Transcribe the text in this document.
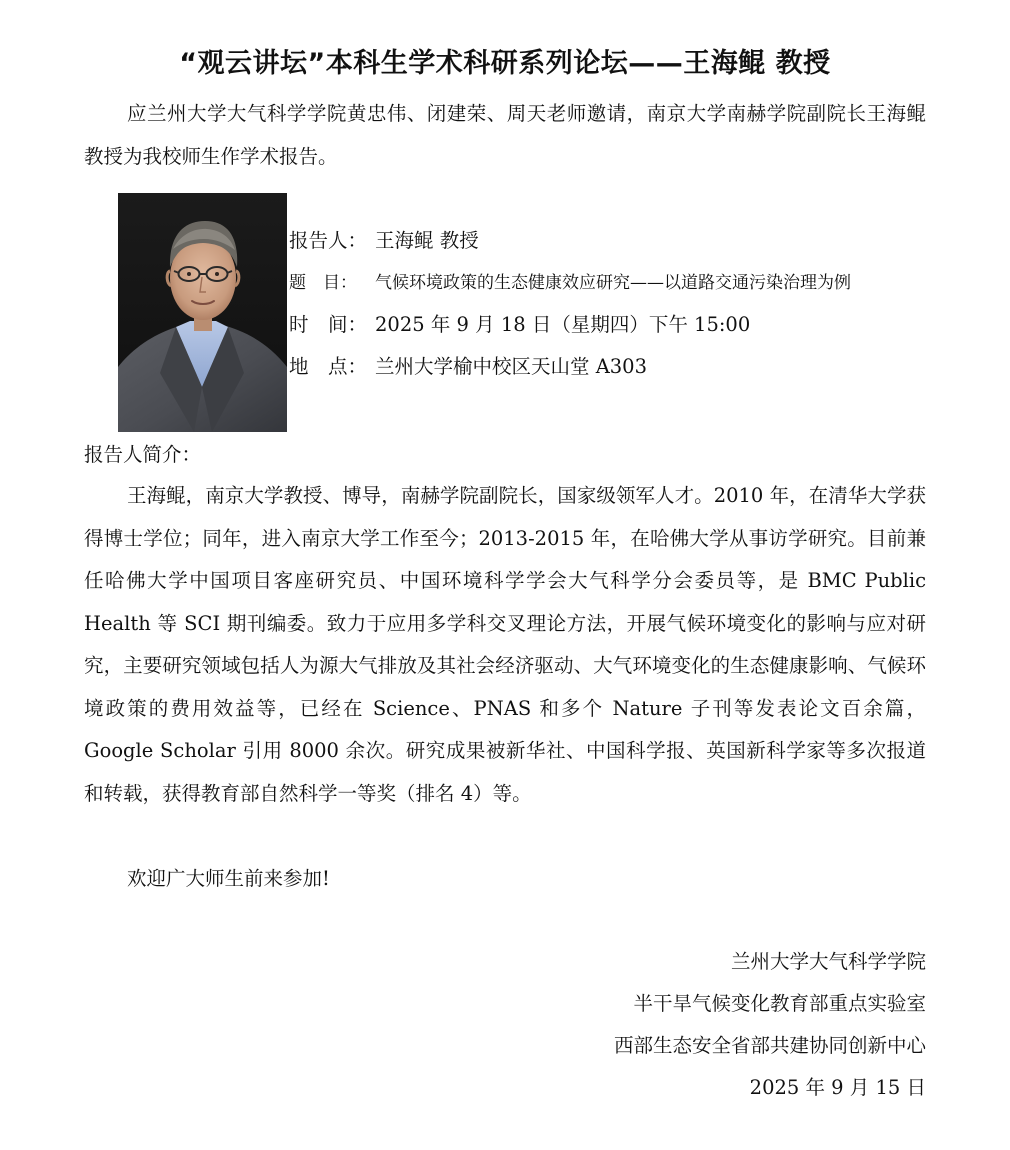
“观云讲坛”本科生学术科研系列论坛——王海鲲 教授

应兰州大学大气科学学院黄忠伟、闭建荣、周天老师邀请，南京大学南赫学院副院长王海鲲教授为我校师生作学术报告。

报告人： 王海鲲 教授
题　目： 气候环境政策的生态健康效应研究——以道路交通污染治理为例
时　间： 2025 年 9 月 18 日（星期四）下午 15:00
地　点： 兰州大学榆中校区天山堂 A303
报告人简介：

王海鲲，南京大学教授、博导，南赫学院副院长，国家级领军人才。2010 年，在清华大学获得博士学位；同年，进入南京大学工作至今；2013-2015 年，在哈佛大学从事访学研究。目前兼任哈佛大学中国项目客座研究员、中国环境科学学会大气科学分会委员等，是 BMC Public Health 等 SCI 期刊编委。致力于应用多学科交叉理论方法，开展气候环境变化的影响与应对研究，主要研究领域包括人为源大气排放及其社会经济驱动、大气环境变化的生态健康影响、气候环境政策的费用效益等，已经在 Science、PNAS 和多个 Nature 子刊等发表论文百余篇，Google Scholar 引用 8000 余次。研究成果被新华社、中国科学报、英国新科学家等多次报道和转载，获得教育部自然科学一等奖（排名 4）等。

欢迎广大师生前来参加!

兰州大学大气科学学院
半干旱气候变化教育部重点实验室
西部生态安全省部共建协同创新中心
2025 年 9 月 15 日
